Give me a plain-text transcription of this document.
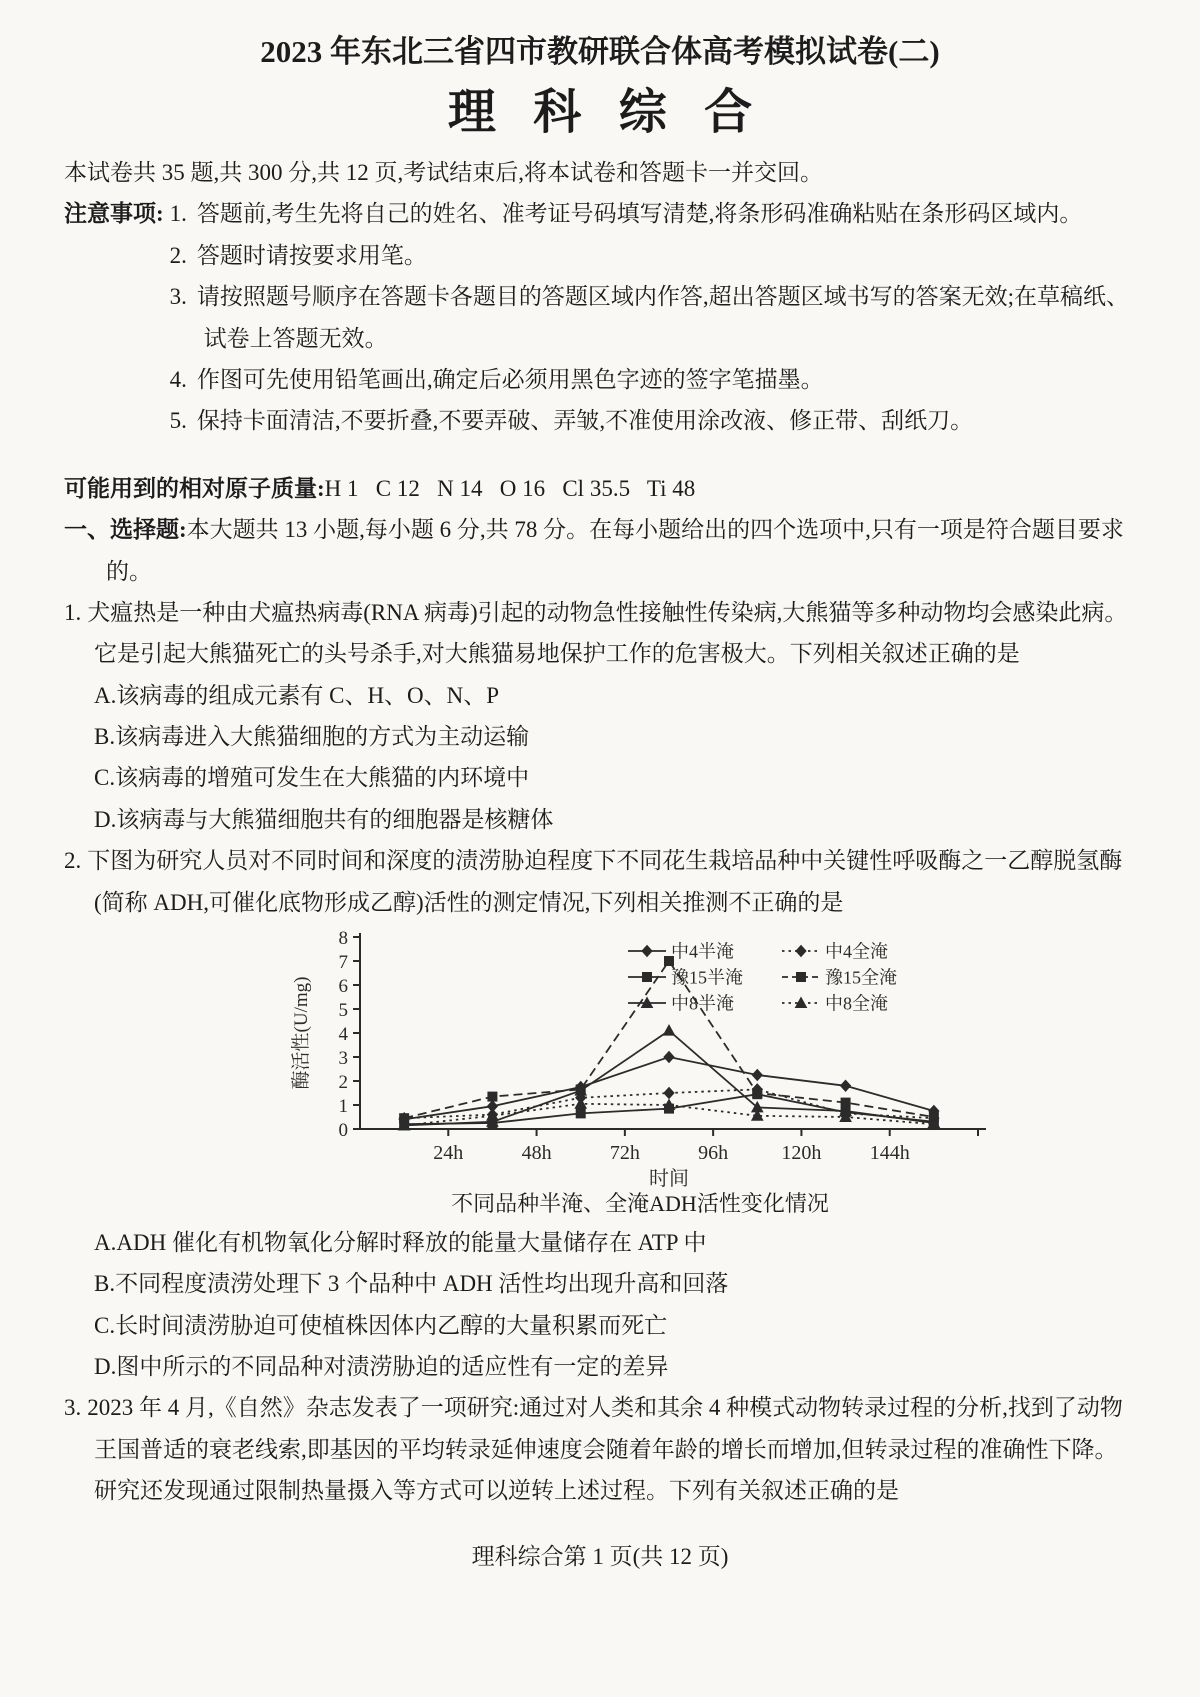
2023 年东北三省四市教研联合体高考模拟试卷(二)
理科综合
本试卷共 35 题,共 300 分,共 12 页,考试结束后,将本试卷和答题卡一并交回。
注意事项: 1. 答题前,考生先将自己的姓名、准考证号码填写清楚,将条形码准确粘贴在条形码区域内。
2. 答题时请按要求用笔。
3. 请按照题号顺序在答题卡各题目的答题区域内作答,超出答题区域书写的答案无效;在草稿纸、试卷上答题无效。
4. 作图可先使用铅笔画出,确定后必须用黑色字迹的签字笔描墨。
5. 保持卡面清洁,不要折叠,不要弄破、弄皱,不准使用涂改液、修正带、刮纸刀。
可能用到的相对原子质量:H 1   C 12   N 14   O 16   Cl 35.5   Ti 48
一、选择题:本大题共 13 小题,每小题 6 分,共 78 分。在每小题给出的四个选项中,只有一项是符合题目要求的。
1. 犬瘟热是一种由犬瘟热病毒(RNA 病毒)引起的动物急性接触性传染病,大熊猫等多种动物均会感染此病。它是引起大熊猫死亡的头号杀手,对大熊猫易地保护工作的危害极大。下列相关叙述正确的是
A.该病毒的组成元素有 C、H、O、N、P
B.该病毒进入大熊猫细胞的方式为主动运输
C.该病毒的增殖可发生在大熊猫的内环境中
D.该病毒与大熊猫细胞共有的细胞器是核糖体
2. 下图为研究人员对不同时间和深度的渍涝胁迫程度下不同花生栽培品种中关键性呼吸酶之一乙醇脱氢酶(简称 ADH,可催化底物形成乙醇)活性的测定情况,下列相关推测不正确的是
0
1
2
3
4
5
6
7
8
24h	48h	72h	96h	120h 144h
时间
酶活性(U/mg)
中4半淹	中4全淹
豫15半淹	豫15全淹
中8半淹	中8全淹
不同品种半淹、全淹ADH活性变化情况
A.ADH 催化有机物氧化分解时释放的能量大量储存在 ATP 中
B.不同程度渍涝处理下 3 个品种中 ADH 活性均出现升高和回落
C.长时间渍涝胁迫可使植株因体内乙醇的大量积累而死亡
D.图中所示的不同品种对渍涝胁迫的适应性有一定的差异
3. 2023 年 4 月,《自然》杂志发表了一项研究:通过对人类和其余 4 种模式动物转录过程的分析,找到了动物王国普适的衰老线索,即基因的平均转录延伸速度会随着年龄的增长而增加,但转录过程的准确性下降。研究还发现通过限制热量摄入等方式可以逆转上述过程。下列有关叙述正确的是
理科综合第 1 页(共 12 页)
